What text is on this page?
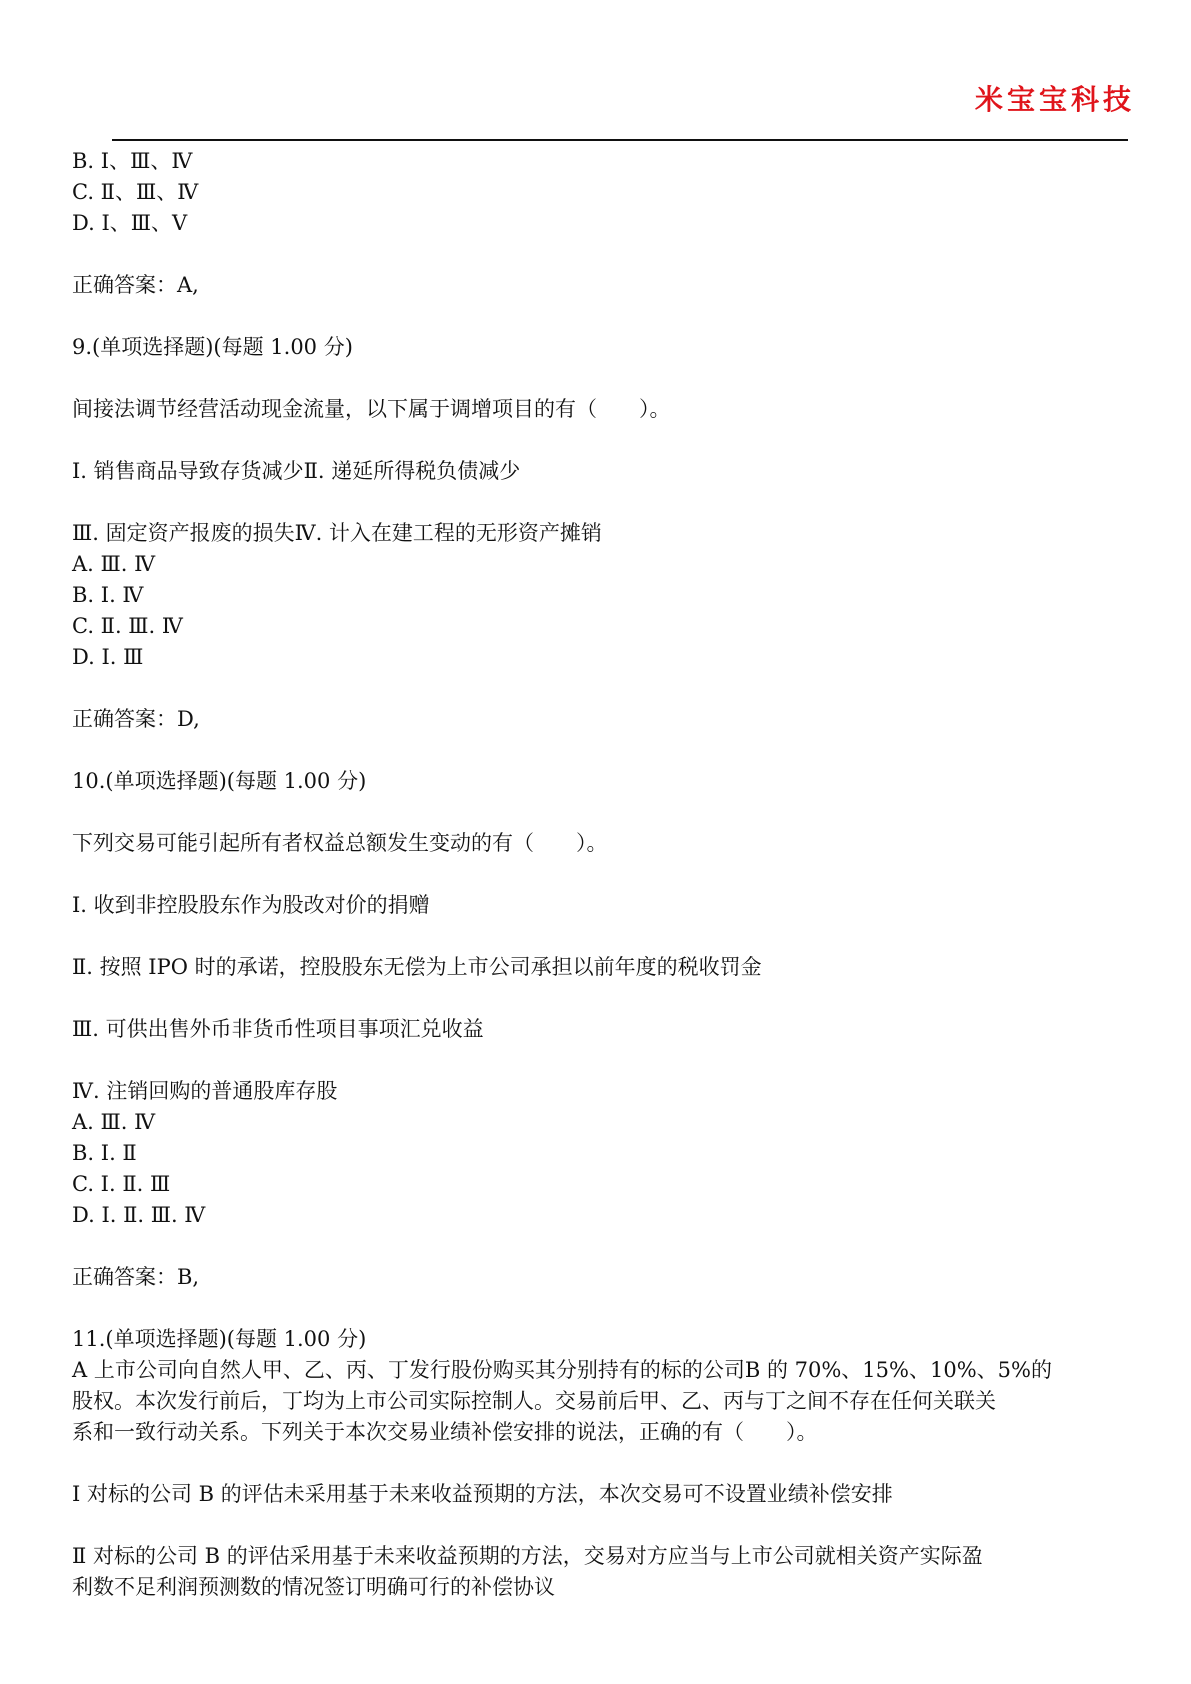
米宝宝科技
B. Ⅰ、Ⅲ、Ⅳ
C. Ⅱ、Ⅲ、Ⅳ
D. Ⅰ、Ⅲ、Ⅴ
正确答案：A,
9.(单项选择题)(每题 1.00 分)
间接法调节经营活动现金流量，以下属于调增项目的有（　　）。
Ⅰ. 销售商品导致存货减少Ⅱ. 递延所得税负债减少
Ⅲ. 固定资产报废的损失Ⅳ. 计入在建工程的无形资产摊销
A. Ⅲ. Ⅳ
B. Ⅰ. Ⅳ
C. Ⅱ. Ⅲ. Ⅳ
D. Ⅰ. Ⅲ
正确答案：D,
10.(单项选择题)(每题 1.00 分)
下列交易可能引起所有者权益总额发生变动的有（　　）。
Ⅰ. 收到非控股股东作为股改对价的捐赠
Ⅱ. 按照 IPO 时的承诺，控股股东无偿为上市公司承担以前年度的税收罚金
Ⅲ. 可供出售外币非货币性项目事项汇兑收益
Ⅳ. 注销回购的普通股库存股
A. Ⅲ. Ⅳ
B. Ⅰ. Ⅱ
C. Ⅰ. Ⅱ. Ⅲ
D. Ⅰ. Ⅱ. Ⅲ. Ⅳ
正确答案：B,
11.(单项选择题)(每题 1.00 分)
A 上市公司向自然人甲、乙、丙、丁发行股份购买其分别持有的标的公司B 的 70%、15%、10%、5%的
股权。本次发行前后，丁均为上市公司实际控制人。交易前后甲、乙、丙与丁之间不存在任何关联关
系和一致行动关系。下列关于本次交易业绩补偿安排的说法，正确的有（　　）。
Ⅰ 对标的公司 B 的评估未采用基于未来收益预期的方法，本次交易可不设置业绩补偿安排
Ⅱ 对标的公司 B 的评估采用基于未来收益预期的方法，交易对方应当与上市公司就相关资产实际盈
利数不足利润预测数的情况签订明确可行的补偿协议
